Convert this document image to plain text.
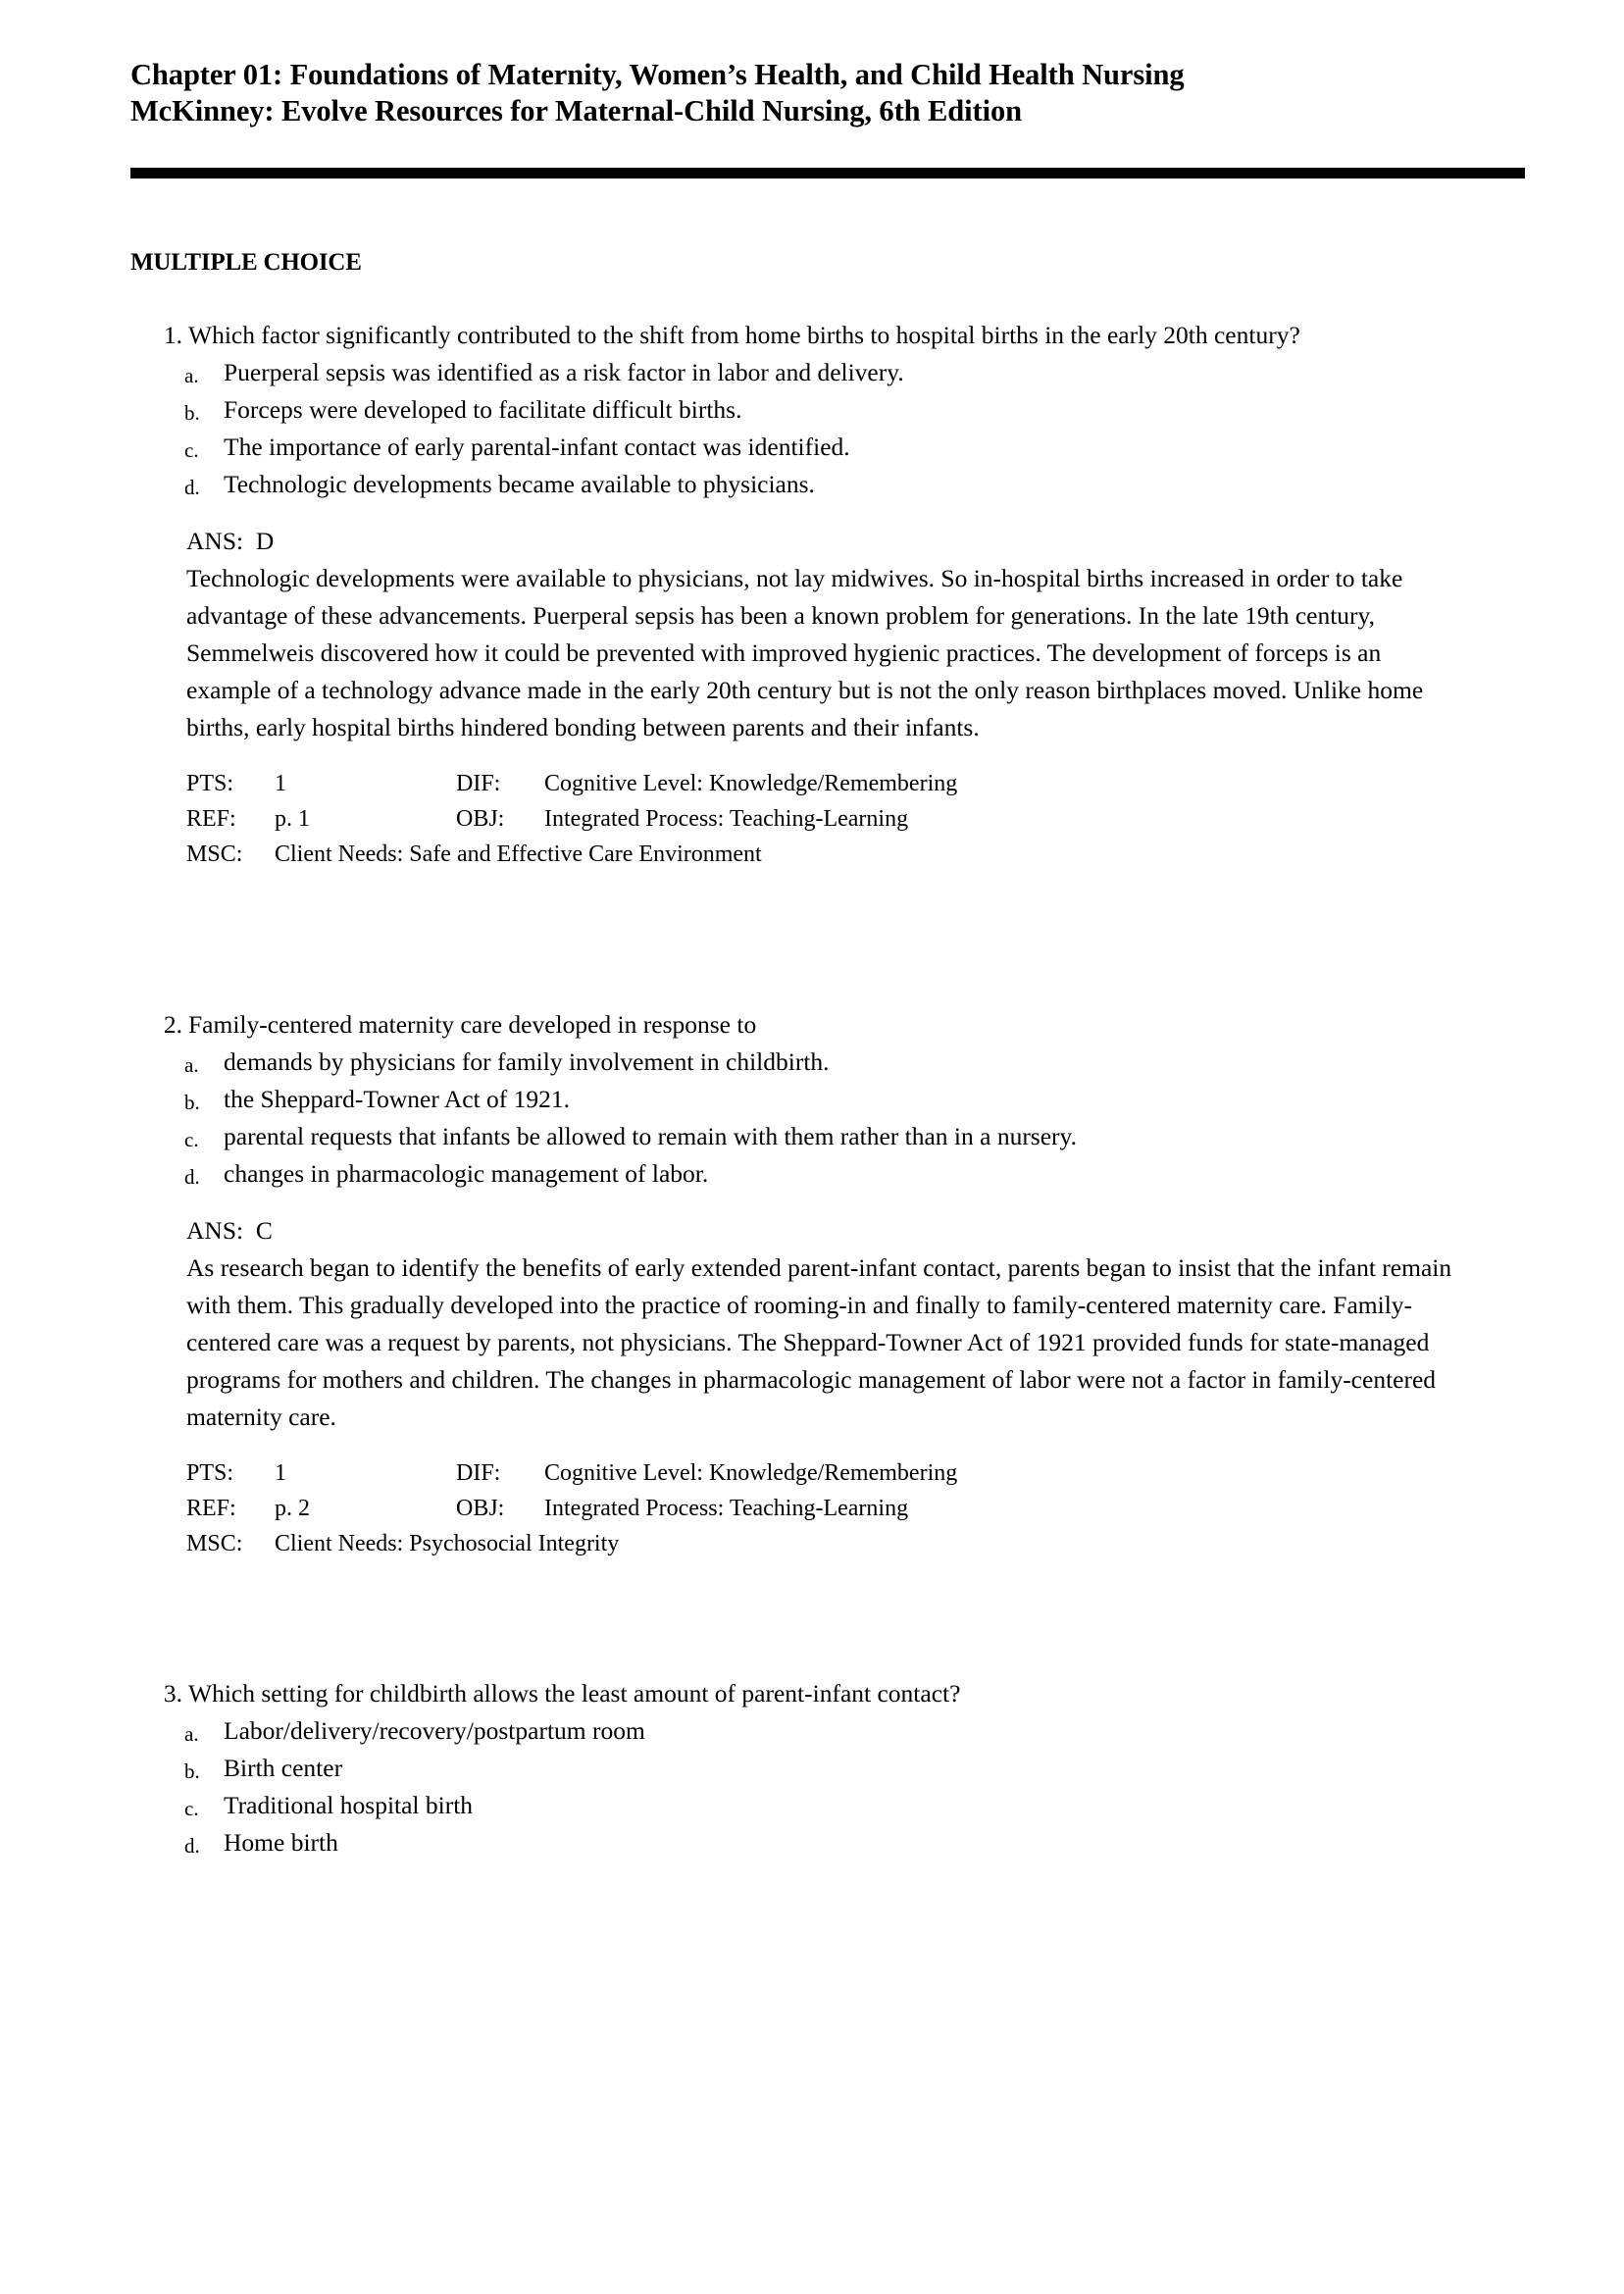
Chapter 01: Foundations of Maternity, Women’s Health, and Child Health Nursing
McKinney: Evolve Resources for Maternal-Child Nursing, 6th Edition
MULTIPLE CHOICE
1. Which factor significantly contributed to the shift from home births to hospital births in the early 20th century?
a. Puerperal sepsis was identified as a risk factor in labor and delivery.
b. Forceps were developed to facilitate difficult births.
c. The importance of early parental-infant contact was identified.
d. Technologic developments became available to physicians.
ANS:  D
Technologic developments were available to physicians, not lay midwives. So in-hospital births increased in order to take advantage of these advancements. Puerperal sepsis has been a known problem for generations. In the late 19th century, Semmelweis discovered how it could be prevented with improved hygienic practices. The development of forceps is an example of a technology advance made in the early 20th century but is not the only reason birthplaces moved. Unlike home births, early hospital births hindered bonding between parents and their infants.
PTS: 1	DIF: Cognitive Level: Knowledge/Remembering
REF: p. 1	OBJ: Integrated Process: Teaching-Learning
MSC: Client Needs: Safe and Effective Care Environment
2. Family-centered maternity care developed in response to
a. demands by physicians for family involvement in childbirth.
b. the Sheppard-Towner Act of 1921.
c. parental requests that infants be allowed to remain with them rather than in a nursery.
d. changes in pharmacologic management of labor.
ANS:  C
As research began to identify the benefits of early extended parent-infant contact, parents began to insist that the infant remain with them. This gradually developed into the practice of rooming-in and finally to family-centered maternity care. Family-centered care was a request by parents, not physicians. The Sheppard-Towner Act of 1921 provided funds for state-managed programs for mothers and children. The changes in pharmacologic management of labor were not a factor in family-centered maternity care.
PTS: 1	DIF: Cognitive Level: Knowledge/Remembering
REF: p. 2	OBJ: Integrated Process: Teaching-Learning
MSC: Client Needs: Psychosocial Integrity
3. Which setting for childbirth allows the least amount of parent-infant contact?
a. Labor/delivery/recovery/postpartum room
b. Birth center
c. Traditional hospital birth
d. Home birth
